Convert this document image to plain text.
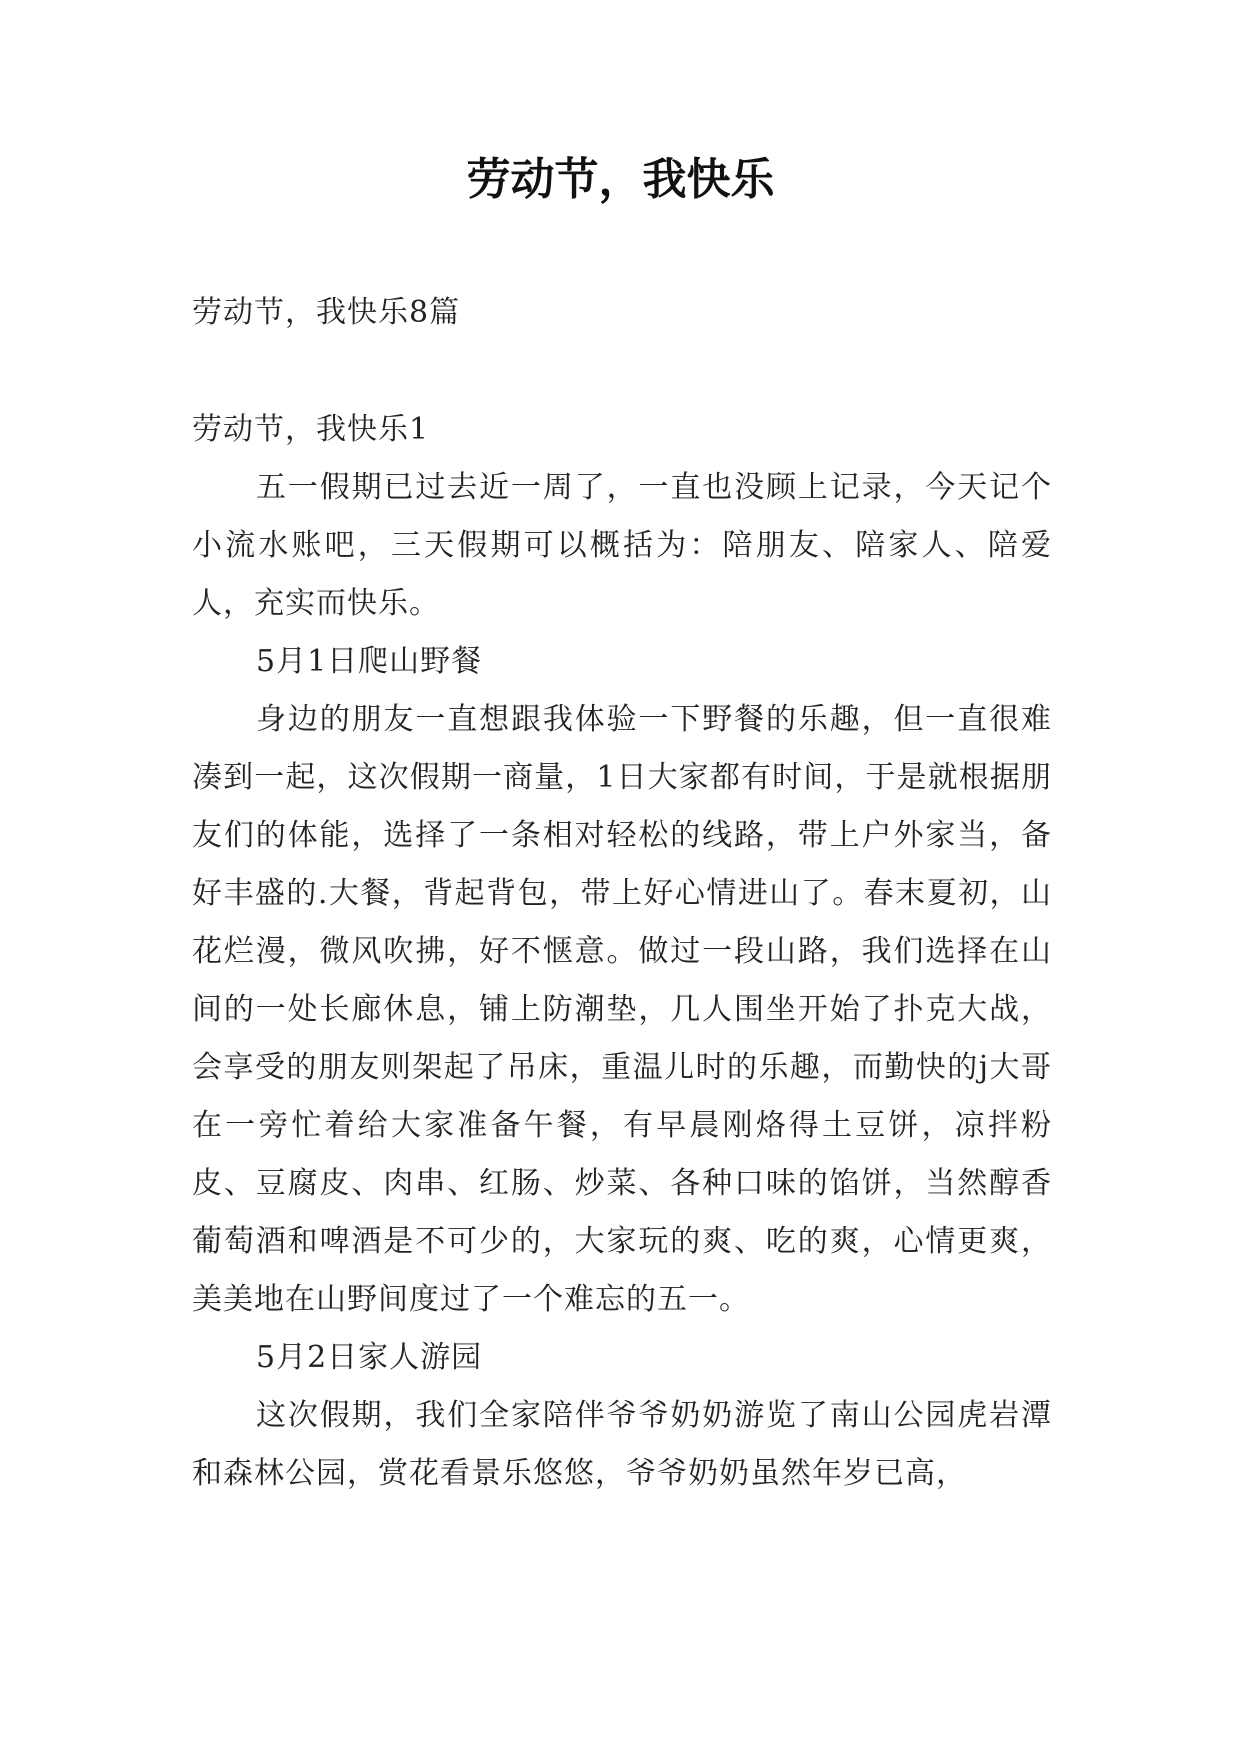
劳动节，我快乐

劳动节，我快乐8篇

劳动节，我快乐1

五一假期已过去近一周了，一直也没顾上记录，今天记个小流水账吧，三天假期可以概括为：陪朋友、陪家人、陪爱人，充实而快乐。

5月1日爬山野餐

身边的朋友一直想跟我体验一下野餐的乐趣，但一直很难凑到一起，这次假期一商量，1日大家都有时间，于是就根据朋友们的体能，选择了一条相对轻松的线路，带上户外家当，备好丰盛的.大餐，背起背包，带上好心情进山了。春末夏初，山花烂漫，微风吹拂，好不惬意。做过一段山路，我们选择在山间的一处长廊休息，铺上防潮垫，几人围坐开始了扑克大战，会享受的朋友则架起了吊床，重温儿时的乐趣，而勤快的j大哥在一旁忙着给大家准备午餐，有早晨刚烙得土豆饼，凉拌粉皮、豆腐皮、肉串、红肠、炒菜、各种口味的馅饼，当然醇香葡萄酒和啤酒是不可少的，大家玩的爽、吃的爽，心情更爽，美美地在山野间度过了一个难忘的五一。

5月2日家人游园

这次假期，我们全家陪伴爷爷奶奶游览了南山公园虎岩潭和森林公园，赏花看景乐悠悠，爷爷奶奶虽然年岁已高，
